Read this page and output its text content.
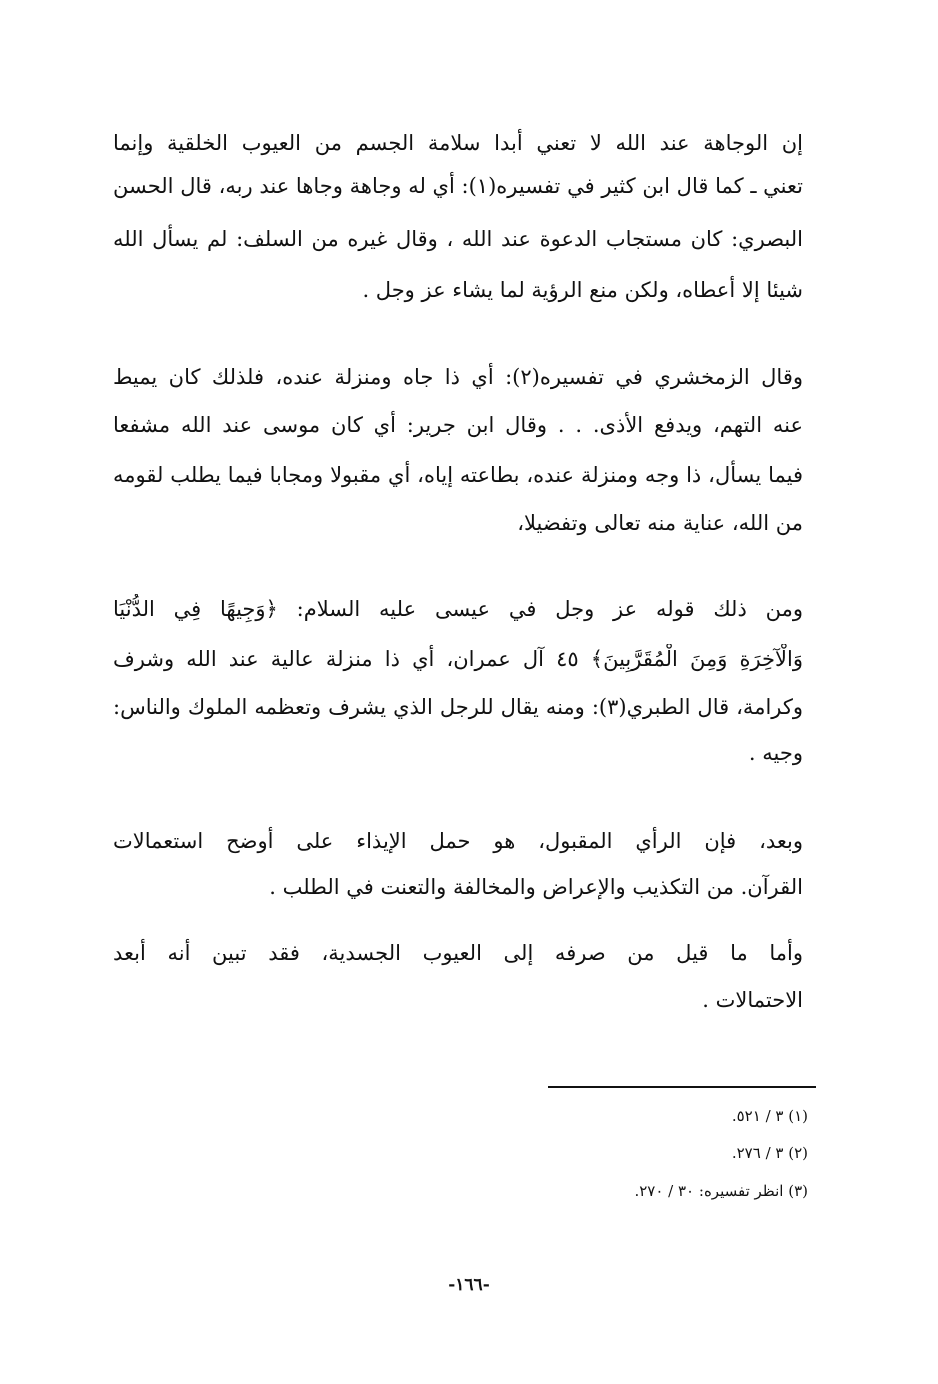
إن الوجاهة عند الله لا تعني أبدا سلامة الجسم من العيوب الخلقية وإنما
تعني ـ كما قال ابن كثير في تفسيره(١): أي له وجاهة وجاها عند ربه، قال الحسن
البصري: كان مستجاب الدعوة عند الله ، وقال غيره من السلف: لم يسأل الله
شيئا إلا أعطاه، ولكن منع الرؤية لما يشاء عز وجل .
وقال الزمخشري في تفسيره(٢): أي ذا جاه ومنزلة عنده، فلذلك كان يميط
عنه التهم، ويدفع الأذى. . . وقال ابن جرير: أي كان موسى عند الله مشفعا
فيما يسأل، ذا وجه ومنزلة عنده، بطاعته إياه، أي مقبولا ومجابا فيما يطلب لقومه
من الله، عناية منه تعالى وتفضيلا،
ومن ذلك قوله عز وجل في عيسى عليه السلام: ﴿وَجِيهًا فِي الدُّنْيَا
وَالْآخِرَةِ وَمِنَ الْمُقَرَّبِينَ﴾ ٤٥ آل عمران، أي ذا منزلة عالية عند الله وشرف
وكرامة، قال الطبري(٣): ومنه يقال للرجل الذي يشرف وتعظمه الملوك والناس:
وجيه .
وبعد، فإن الرأي المقبول، هو حمل الإيذاء على أوضح استعمالات
القرآن. من التكذيب والإعراض والمخالفة والتعنت في الطلب .
وأما ما قيل من صرفه إلى العيوب الجسدية، فقد تبين أنه أبعد
الاحتمالات .
(١) ٣ / ٥٢١.
(٢) ٣ / ٢٧٦.
(٣) انظر تفسيره: ٣٠ / ٢٧٠.
-١٦٦-
